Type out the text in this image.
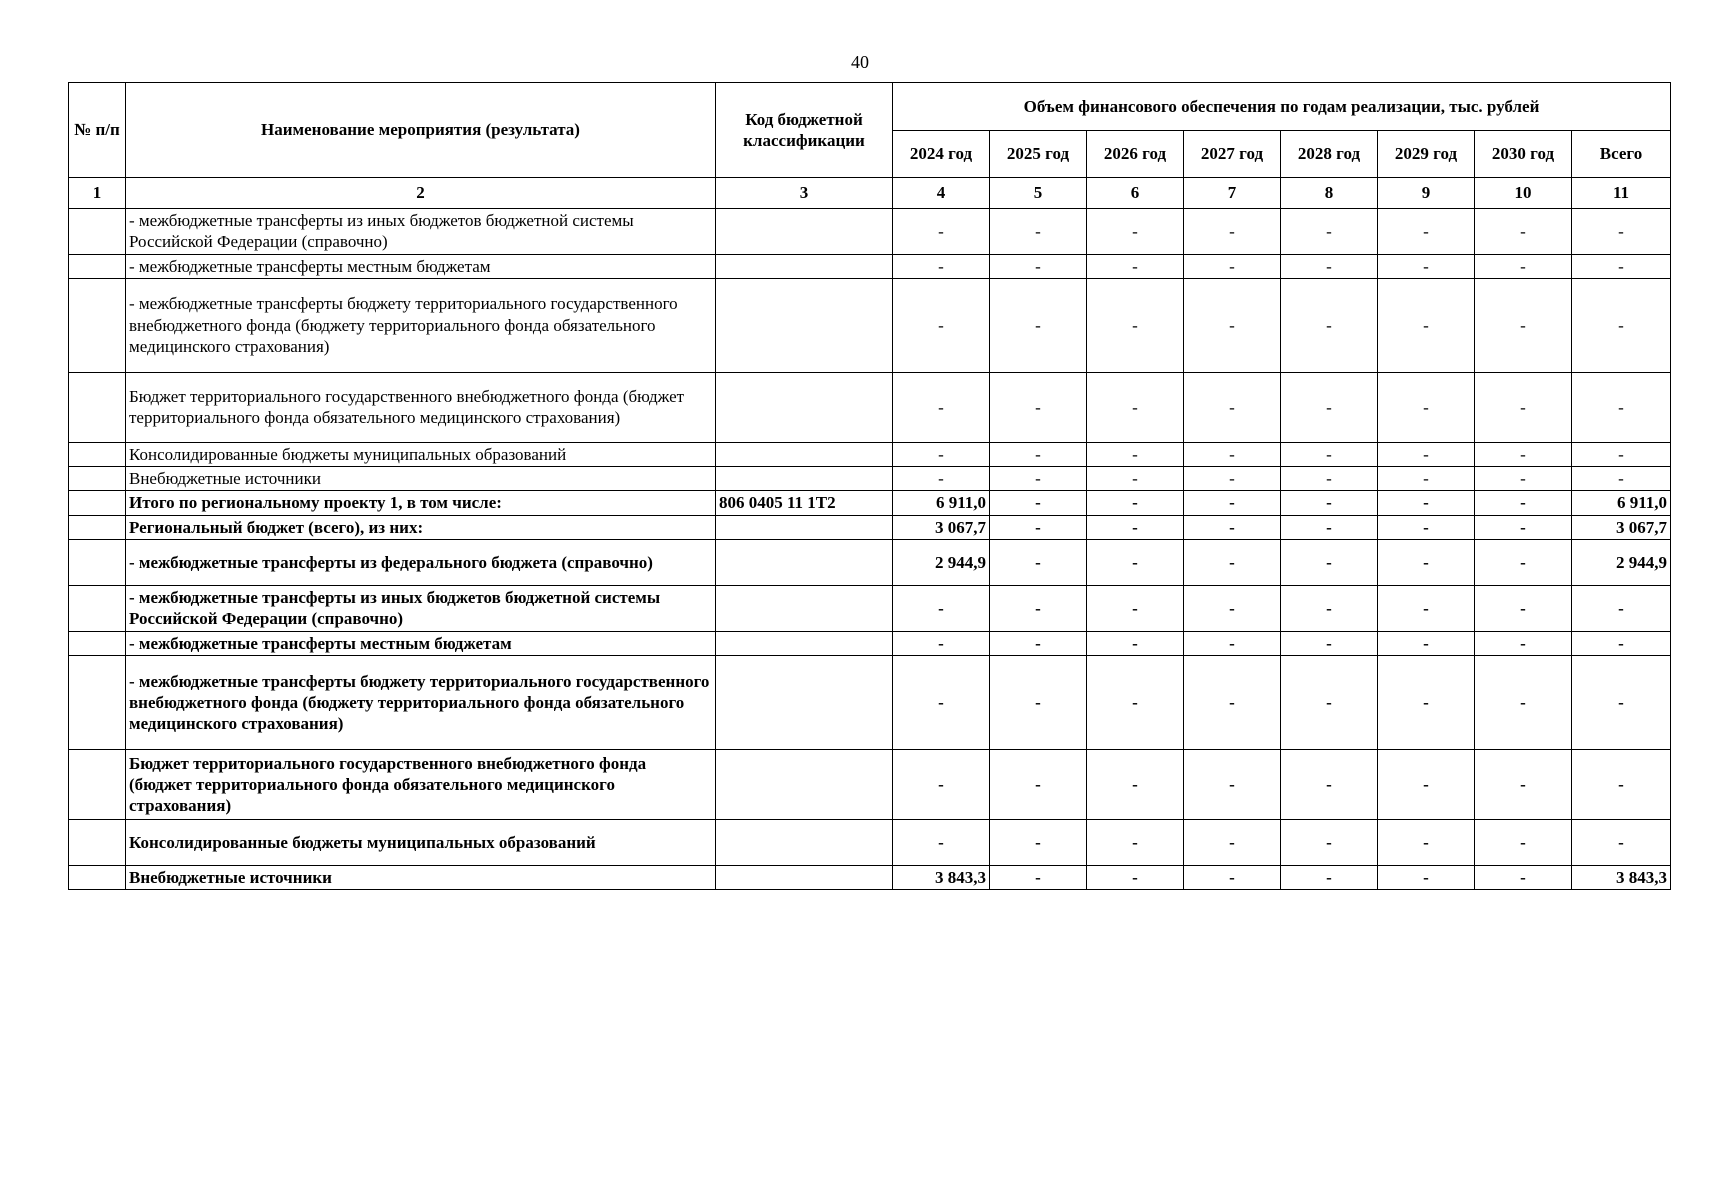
40
№ п/п	Наименование мероприятия (результата)	Код бюджетной классификации	Объем финансового обеспечения по годам реализации, тыс. рублей							
			2024 год	2025 год	2026 год	2027 год	2028 год	2029 год	2030 год	Всего
1	2	3	4	5	6	7	8	9	10	11
	- межбюджетные трансферты из иных бюджетов бюджетной системы Российской Федерации (справочно)		-	-	-	-	-	-	-	-
	- межбюджетные трансферты местным бюджетам		-	-	-	-	-	-	-	-
	- межбюджетные трансферты бюджету территориального государственного внебюджетного фонда (бюджету территориального фонда обязательного медицинского страхования)		-	-	-	-	-	-	-	-
	Бюджет территориального государственного внебюджетного фонда (бюджет территориального фонда обязательного медицинского страхования)		-	-	-	-	-	-	-	-
	Консолидированные бюджеты муниципальных образований		-	-	-	-	-	-	-	-
	Внебюджетные источники		-	-	-	-	-	-	-	-
	Итого по региональному проекту 1, в том числе:	806 0405 11 1Т2	6 911,0	-	-	-	-	-	-	6 911,0
	Региональный бюджет (всего), из них:		3 067,7	-	-	-	-	-	-	3 067,7
	- межбюджетные трансферты из федерального бюджета (справочно)		2 944,9	-	-	-	-	-	-	2 944,9
	- межбюджетные трансферты из иных бюджетов бюджетной системы Российской Федерации (справочно)		-	-	-	-	-	-	-	-
	- межбюджетные трансферты местным бюджетам		-	-	-	-	-	-	-	-
	- межбюджетные трансферты бюджету территориального государственного внебюджетного фонда (бюджету территориального фонда обязательного медицинского страхования)		-	-	-	-	-	-	-	-
	Бюджет территориального государственного внебюджетного фонда (бюджет территориального фонда обязательного медицинского страхования)		-	-	-	-	-	-	-	-
	Консолидированные бюджеты муниципальных образований		-	-	-	-	-	-	-	-
	Внебюджетные источники		3 843,3	-	-	-	-	-	-	3 843,3
